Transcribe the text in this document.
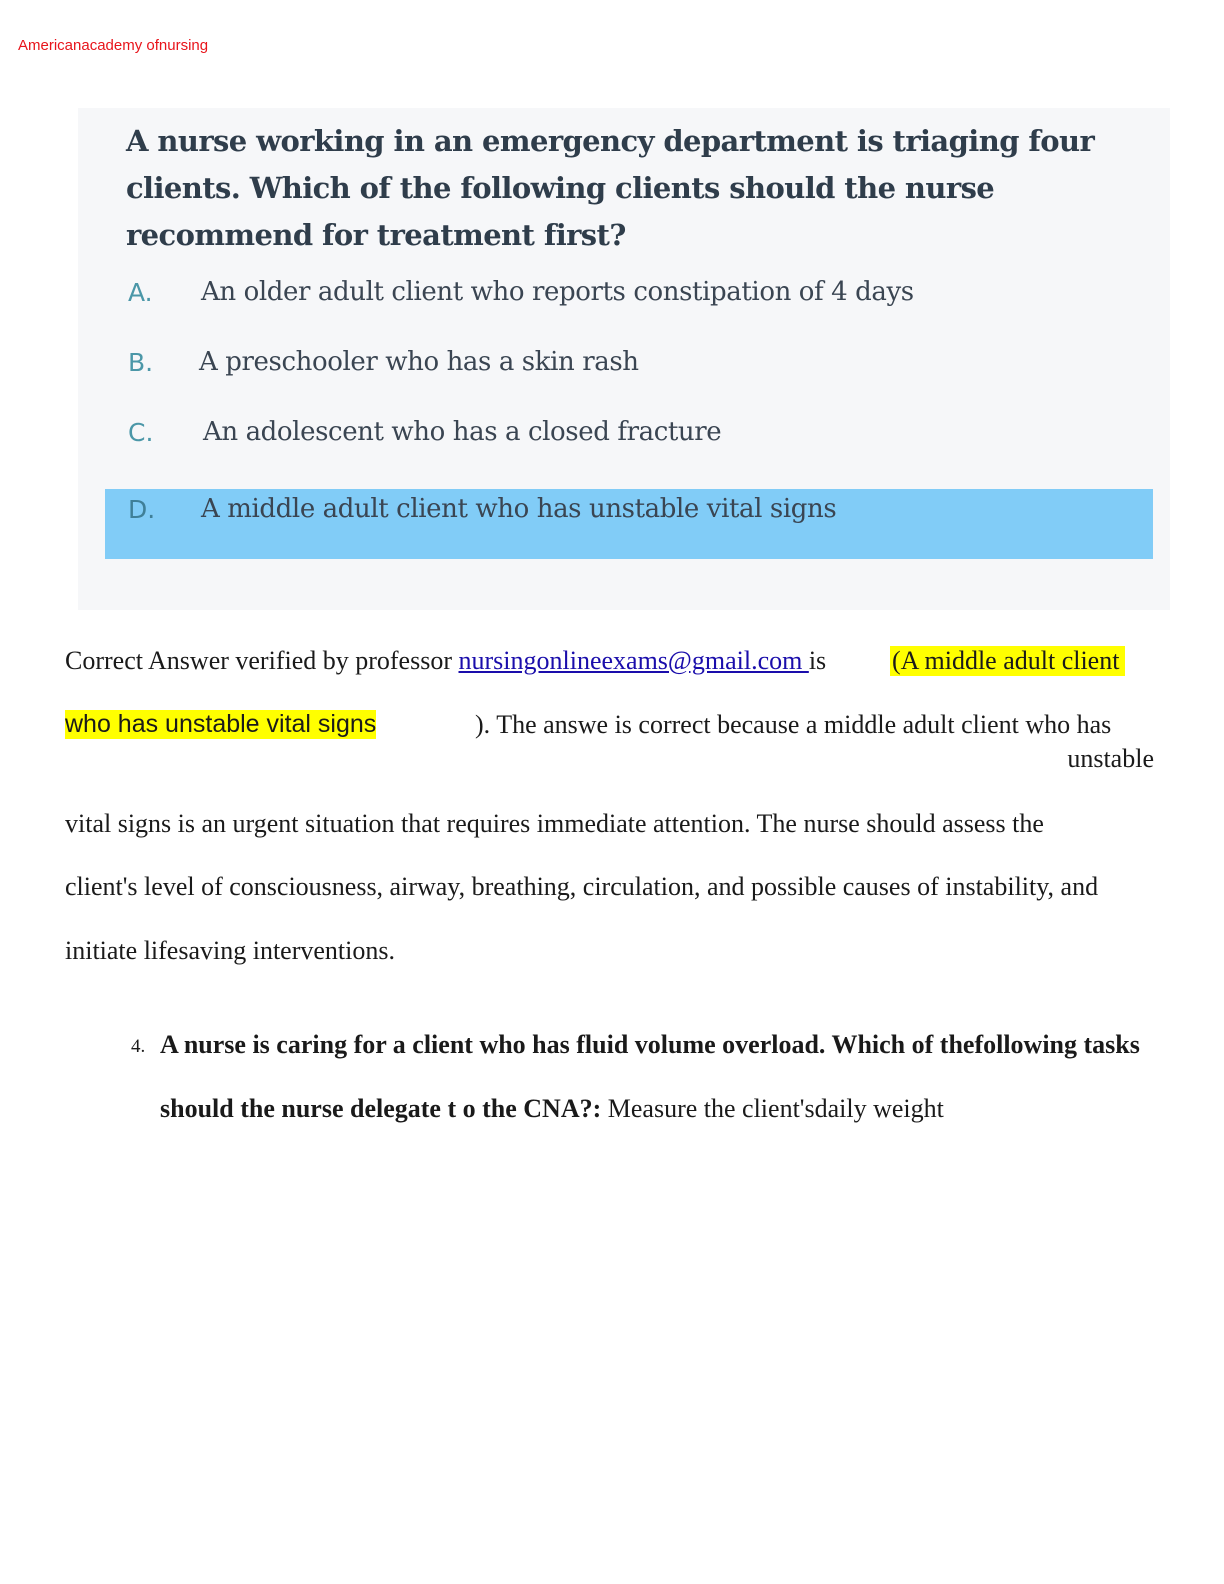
Americanacademy ofnursing
A nurse working in an emergency department is triaging four clients. Which of the following clients should the nurse recommend for treatment first?
A. An older adult client who reports constipation of 4 days
B. A preschooler who has a skin rash
C. An adolescent who has a closed fracture
D. A middle adult client who has unstable vital signs
Correct Answer verified by professor nursingonlineexams@gmail.com is	(A middle adult client
who has unstable vital signs	). The answe is correct because a middle adult client who has
unstable
vital signs is an urgent situation that requires immediate attention. The nurse should assess the
client's level of consciousness, airway, breathing, circulation, and possible causes of instability, and
initiate lifesaving interventions.
4. A nurse is caring for a client who has fluid volume overload. Which of thefollowing tasks
should the nurse delegate t o the CNA?: Measure the client'sdaily weight
